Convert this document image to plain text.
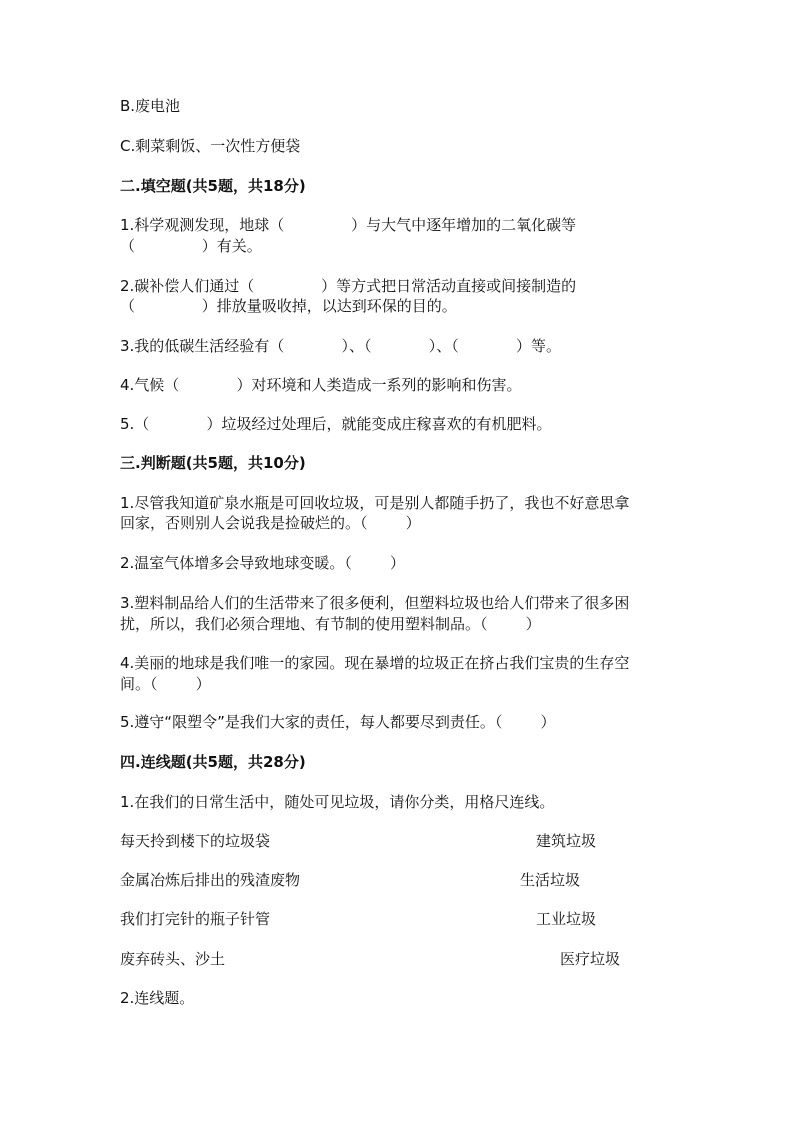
B.废电池
C.剩菜剩饭、一次性方便袋
二.填空题(共5题，共18分)
1.科学观测发现，地球（              ）与大气中逐年增加的二氧化碳等
（              ）有关。
2.碳补偿人们通过（              ）等方式把日常活动直接或间接制造的
（              ）排放量吸收掉，以达到环保的目的。
3.我的低碳生活经验有（            ）、（            ）、（            ）等。
4.气候（            ）对环境和人类造成一系列的影响和伤害。
5.（            ）垃圾经过处理后，就能变成庄稼喜欢的有机肥料。
三.判断题(共5题，共10分)
1.尽管我知道矿泉水瓶是可回收垃圾，可是别人都随手扔了，我也不好意思拿
回家，否则别人会说我是捡破烂的。（        ）
2.温室气体增多会导致地球变暖。（        ）
3.塑料制品给人们的生活带来了很多便利，但塑料垃圾也给人们带来了很多困
扰，所以，我们必须合理地、有节制的使用塑料制品。（        ）
4.美丽的地球是我们唯一的家园。现在暴增的垃圾正在挤占我们宝贵的生存空
间。（        ）
5.遵守“限塑令”是我们大家的责任，每人都要尽到责任。（        ）
四.连线题(共5题，共28分)
1.在我们的日常生活中，随处可见垃圾，请你分类，用格尺连线。
每天拎到楼下的垃圾袋	建筑垃圾
金属冶炼后排出的残渣废物	生活垃圾
我们打完针的瓶子针管	工业垃圾
废弃砖头、沙土	医疗垃圾
2.连线题。
